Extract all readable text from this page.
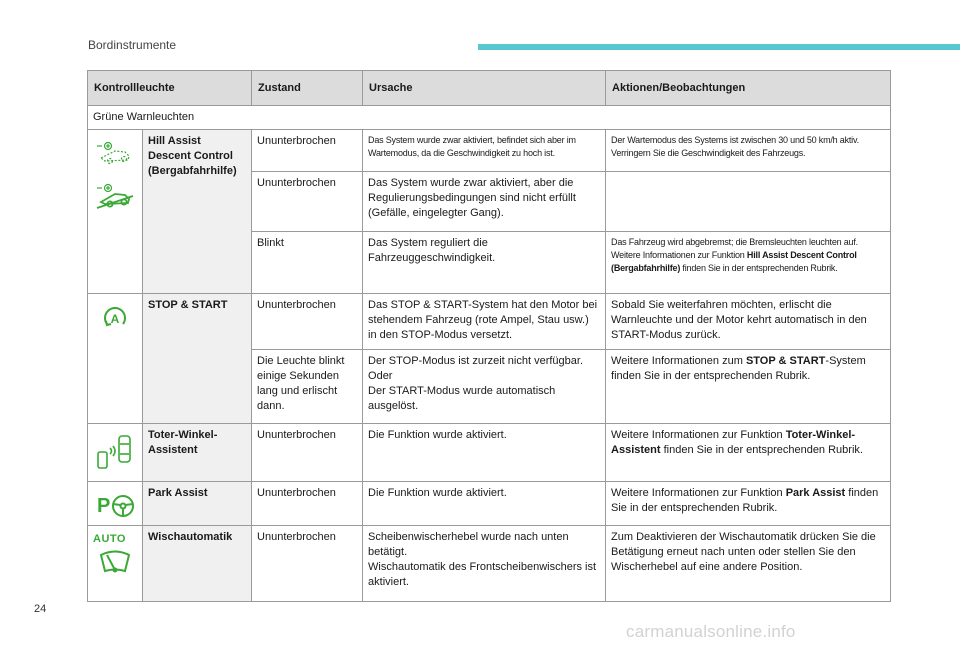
Bordinstrumente
Kontrollleuchte		Zustand	Ursache	Aktionen/Beobachtungen
Grüne Warnleuchten				

	Hill Assist Descent Control (Bergabfahrhilfe)	Ununterbrochen	Das System wurde zwar aktiviert, befindet sich aber im Wartemodus, da die Geschwindigkeit zu hoch ist.	Der Wartemodus des Systems ist zwischen 30 und 50 km/h aktiv. Verringern Sie die Geschwindigkeit des Fahrzeugs.
		Ununterbrochen	Das System wurde zwar aktiviert, aber die Regulierungsbedingungen sind nicht erfüllt (Gefälle, eingelegter Gang).	
		Blinkt	Das System reguliert die Fahrzeuggeschwindigkeit.	Das Fahrzeug wird abgebremst; die Bremsleuchten leuchten auf. Weitere Informationen zur Funktion Hill Assist Descent Control (Bergabfahrhilfe) finden Sie in der entsprechenden Rubrik.

A	STOP & START	Ununterbrochen	Das STOP & START-System hat den Motor bei stehendem Fahrzeug (rote Ampel, Stau usw.) in den STOP-Modus versetzt.	Sobald Sie weiterfahren möchten, erlischt die Warnleuchte und der Motor kehrt automatisch in den START-Modus zurück.
		Die Leuchte blinkt einige Sekunden lang und erlischt dann.	Der STOP-Modus ist zurzeit nicht verfügbar.
Oder
Der START-Modus wurde automatisch ausgelöst.	Weitere Informationen zum STOP & START-System finden Sie in der entsprechenden Rubrik.

	Toter-Winkel-Assistent	Ununterbrochen	Die Funktion wurde aktiviert.	Weitere Informationen zur Funktion Toter-Winkel-Assistent finden Sie in der entsprechenden Rubrik.

P	Park Assist	Ununterbrochen	Die Funktion wurde aktiviert.	Weitere Informationen zur Funktion Park Assist finden Sie in der entsprechenden Rubrik.

AUTO	Wischautomatik	Ununterbrochen	Scheibenwischerhebel wurde nach unten betätigt.
Wischautomatik des Frontscheibenwischers ist aktiviert.	Zum Deaktivieren der Wischautomatik drücken Sie die Betätigung erneut nach unten oder stellen Sie den Wischerhebel auf eine andere Position.
24
carmanualsonline.info
